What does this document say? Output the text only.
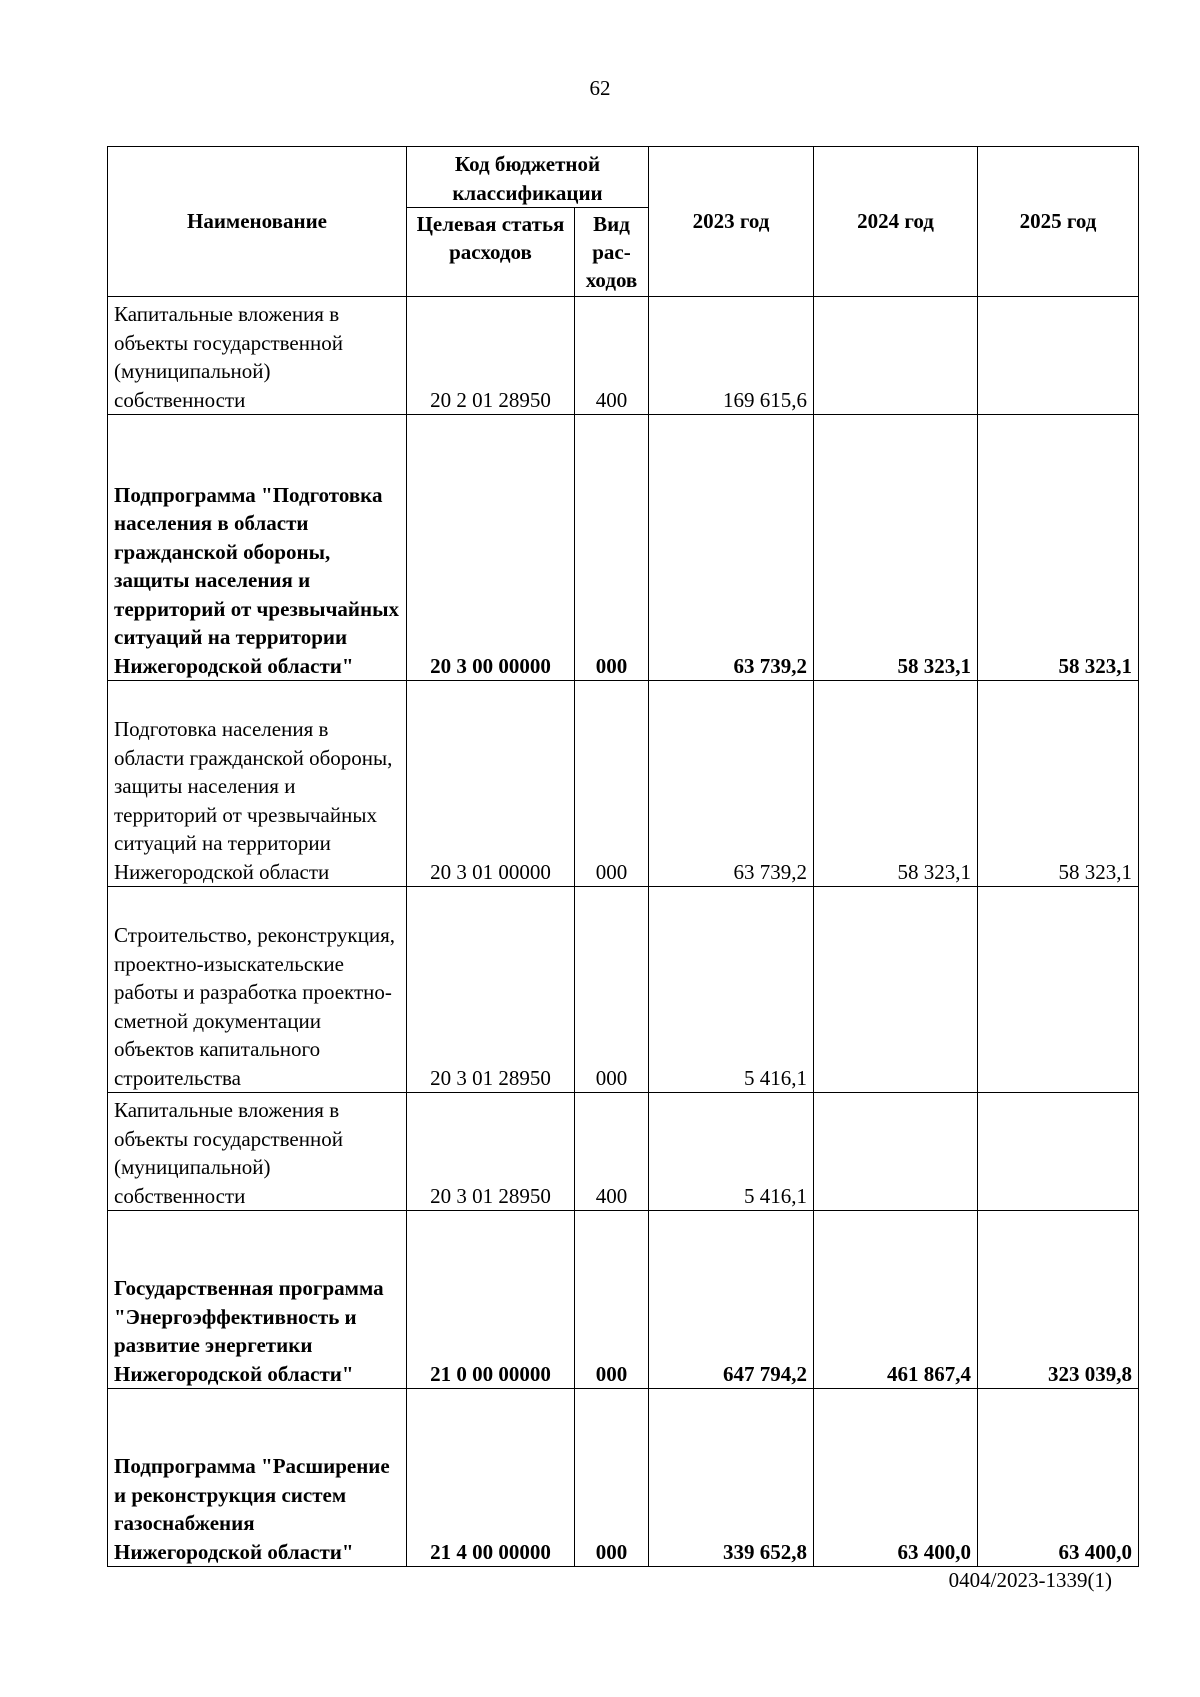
62
Наименование	Код бюджетной классификации		2023 год	2024 год	2025 год
	Целевая статья расходов	Вид рас-ходов			
Капитальные вложения в объекты государственной (муниципальной) собственности	20 2 01 28950	400	169 615,6		
Подпрограмма "Подготовка населения в области гражданской обороны, защиты населения и территорий от чрезвычайных ситуаций на территории Нижегородской области"	20 3 00 00000	000	63 739,2	58 323,1	58 323,1
Подготовка населения в области гражданской обороны, защиты населения и территорий от чрезвычайных ситуаций на территории Нижегородской области	20 3 01 00000	000	63 739,2	58 323,1	58 323,1
Строительство, реконструкция, проектно-изыскательские работы и разработка проектно-сметной документации объектов капитального строительства	20 3 01 28950	000	5 416,1		
Капитальные вложения в объекты государственной (муниципальной) собственности	20 3 01 28950	400	5 416,1		
Государственная программа "Энергоэффективность и развитие энергетики Нижегородской области"	21 0 00 00000	000	647 794,2	461 867,4	323 039,8
Подпрограмма "Расширение и реконструкция систем газоснабжения Нижегородской области"	21 4 00 00000	000	339 652,8	63 400,0	63 400,0
0404/2023-1339(1)
